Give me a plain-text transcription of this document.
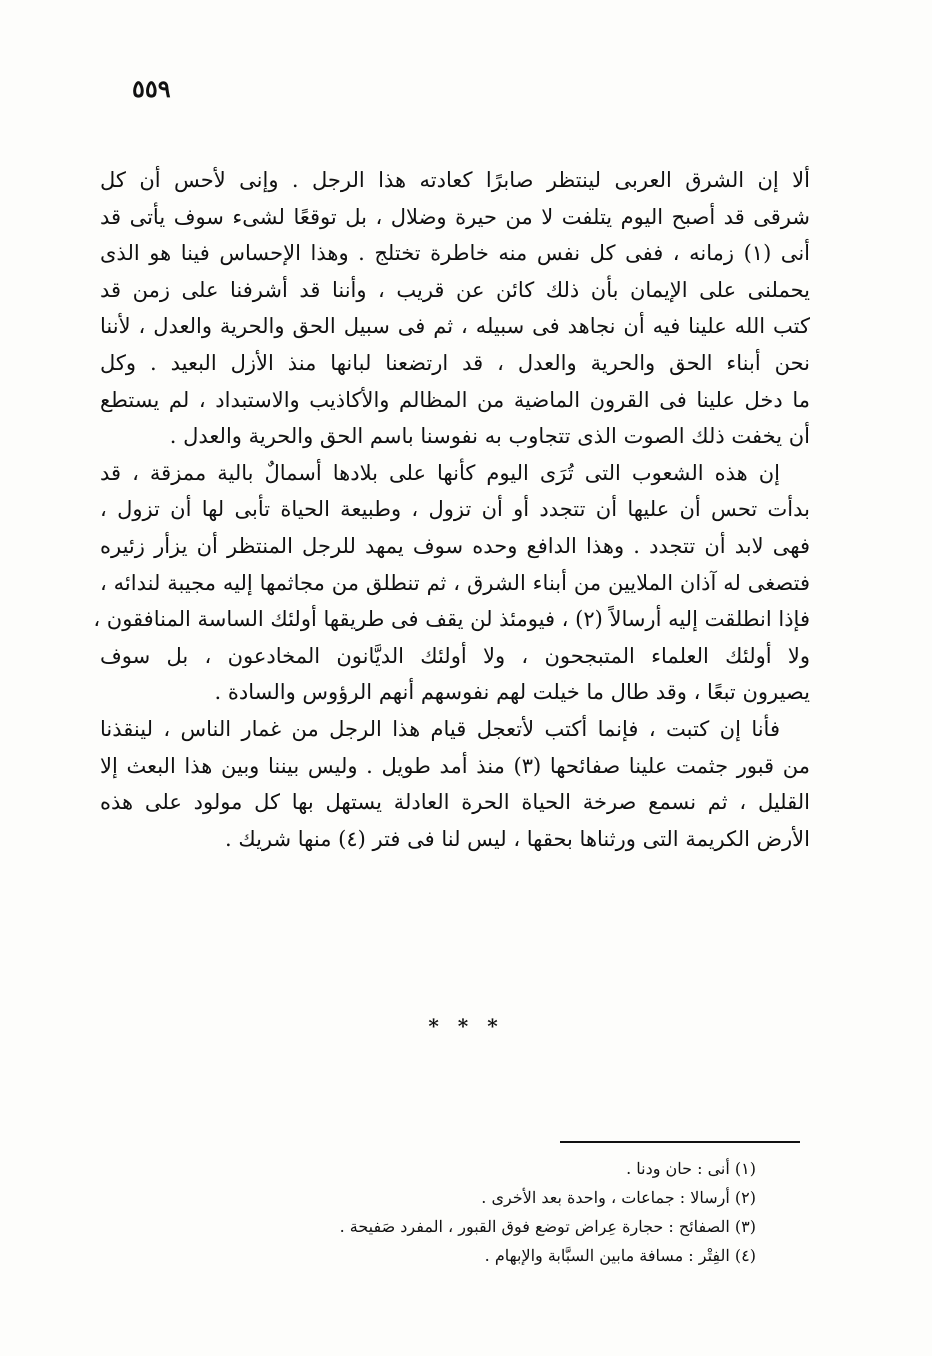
٥٥٩
ألا إن الشرق العربى لينتظر صابرًا كعادته هذا الرجل . وإنى لأحس أن كل
شرقى قد أصبح اليوم يتلفت لا من حيرة وضلال ، بل توقعًا لشىء سوف يأتى قد
أنى (١) زمانه ، ففى كل نفس منه خاطرة تختلج . وهذا الإحساس فينا هو الذى
يحملنى على الإيمان بأن ذلك كائن عن قريب ، وأننا قد أشرفنا على زمن قد
كتب الله علينا فيه أن نجاهد فى سبيله ، ثم فى سبيل الحق والحرية والعدل ، لأننا
نحن أبناء الحق والحرية والعدل ، قد ارتضعنا لبانها منذ الأزل البعيد . وكل
ما دخل علينا فى القرون الماضية من المظالم والأكاذيب والاستبداد ، لم يستطع
أن يخفت ذلك الصوت الذى تتجاوب به نفوسنا باسم الحق والحرية والعدل .
إن هذه الشعوب التى تُرَى اليوم كأنها على بلادها أسمالٌ بالية ممزقة ، قد
بدأت تحس أن عليها أن تتجدد أو أن تزول ، وطبيعة الحياة تأبى لها أن تزول ،
فهى لابد أن تتجدد . وهذا الدافع وحده سوف يمهد للرجل المنتظر أن يزأر زئيره
فتصغى له آذان الملايين من أبناء الشرق ، ثم تنطلق من مجاثمها إليه مجيبة لندائه ،
فإذا انطلقت إليه أرسالاً (٢) ، فيومئذ لن يقف فى طريقها أولئك الساسة المنافقون ،
ولا أولئك العلماء المتبجحون ، ولا أولئك الديَّانون المخادعون ، بل سوف
يصيرون تبعًا ، وقد طال ما خيلت لهم نفوسهم أنهم الرؤوس والسادة .
فأنا إن كتبت ، فإنما أكتب لأتعجل قيام هذا الرجل من غمار الناس ، لينقذنا
من قبور جثمت علينا صفائحها (٣) منذ أمد طويل . وليس بيننا وبين هذا البعث إلا
القليل ، ثم نسمع صرخة الحياة الحرة العادلة يستهل بها كل مولود على هذه
الأرض الكريمة التى ورثناها بحقها ، ليس لنا فى فتر (٤) منها شريك .
* * *
(١) أنى : حان ودنا .
(٢) أرسالا : جماعات ، واحدة بعد الأخرى .
(٣) الصفائح : حجارة عِراض توضع فوق القبور ، المفرد صَفيحة .
(٤) الفِتْر : مسافة مابين السبَّابة والإبهام .
